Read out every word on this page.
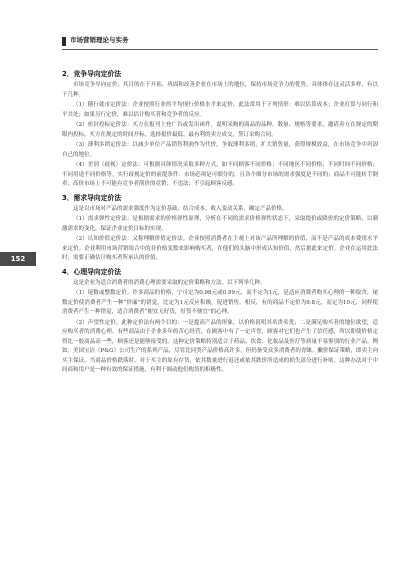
市场营销理论与实务
152
2．竞争导向定价法

市场竞争导向定价，其目的在于开拓、巩固和改善企业在市场上的地位，保持市场竞争力的优势。具体体在这灵活多样，有以下几种。

（1）随行就市定价法：企业按照行业的平均现行价格水平来定价。此法常用于下列情形：难以估算成本；企业打算与同行和平共处；如果另行定价，难以估计购买者和竞争者的反应。

（2）密封投标定价法：买方在报刊上登广告或发出函件，说明采购的商品的品种、数量、规格等要求，邀请卖方在规定的期限内投标。买方在规定的时间开标，选择报价最低、最有利的卖方成交，签订采购合同。

（3）薄利多销定价法：以减少单位产品销售利润作为代价，争取薄利多销，扩大销售量，获得规模效益，在市场竞争中巩固自己的地位。

（4）差别（歧视）定价法：可根据具体情况采取多种方式，如不同顾客不同价格；不同地区不同价格；不同时间不同价格；不同用途不同价格等。实行歧视定价的前提条件：市场必须是可细分的，且各个细分市场的需求强度是不同的；商品不可能转手倒卖；高价市场上不可能有竞争者削价的竞销；不违法；不引起顾客反感。

3．需求导向定价法

这是以市场对产品的需求强度作为定价基础，结合成本、收入变动关系，确定产品价格。

（1）需求弹性定价法：是根据需求的价格弹性原理，分析在不同的需求价格弹性状态下，采取提价或降价的定价策略，以刺激需求的变化，保证企业定价目标的实现。

（2）认知价值定价法：又称理解价值定价法。企业按照消费者在主观上对该产品所理解的价值，而不是产品的成本费用水平来定价。企业利用市场营销组合中的非价格变数来影响购买者，在他们的头脑中形成认知价值，然后据此来定价。企业在运用此法时，需要正确估计购买者所承认的价值。

4．心理导向定价法

这是企业为适合消费者的消费心理需要采取的定价策略和方法。以下列举几种。

（1）尾数或整数定价。许多商品的价格，宁可定为0.98元或0.99元，而不定为1元，是适应消费者购买心理的一种取舍，尾数定价使消费者产生一种“价廉”的错觉，比定为1元反应积极，促进销售。相反，有的商品不定价为9.8元，而定为10元，同样使消费者产生一种错觉，适合消费者“便宜无好货，好货不便宜”的心理。

（2）声望性定价。此种定价法有两个目的：一是提高产品的形象，以价格说明其名贵名优；二是满足购买者的地位欲望，适应购买者的消费心理。有些商品由于企业多年的苦心经营，在顾客中有了一定声誉，顾客对它们也产生了信任感，所以即使价格定得比一般商品高一些，顾客还是能够接受的。这种定价策略特别适合于药品、饮食、化妆品及医疗等质量不易鉴别的行业产品。例如，美国宝洁（P&G）公司生产的系列产品，尽管比同类产品价格高许多，但仍备受众多消费者的青睐。撇价保证策略，即卖主向买主保证，当商品价格跌落时，对于买主的原有存货，依其数量进行退还或依其跌价所造成的损失部分进行补贴。这种办法对于中间商和用户是一种有效的保证措施，有利于调动他们购货的积极性。
